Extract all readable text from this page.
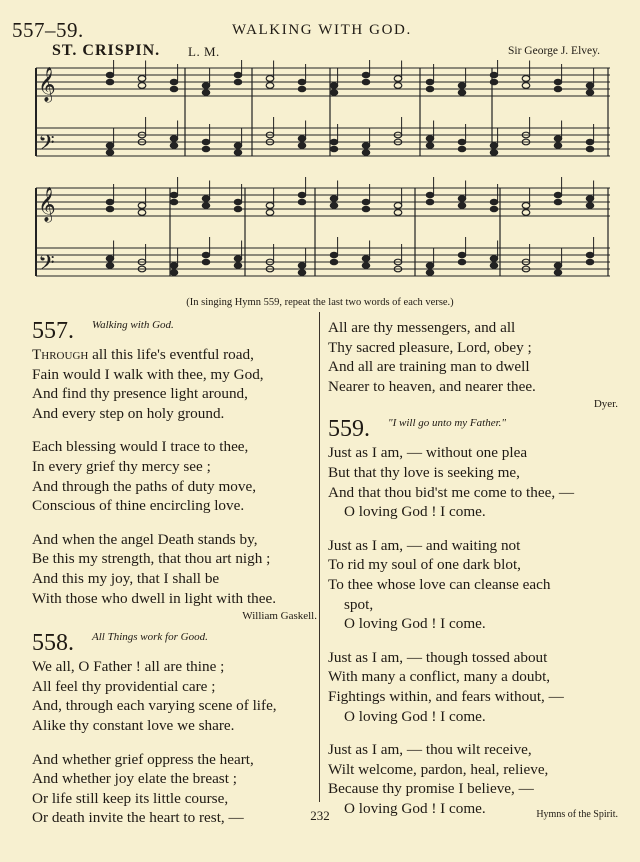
557–59.	WALKING WITH GOD.
ST. CRISPIN. L. M.	Sir George J. Elvey.
𝄞
𝄢
𝄞
𝄢
(In singing Hymn 559, repeat the last two words of each verse.)
557. $^{Walking with God.}$
Through all this life's eventful road,
Fain would I walk with thee, my God,
And find thy presence light around,
And every step on holy ground.
Each blessing would I trace to thee,
In every grief thy mercy see ;
And through the paths of duty move,
Conscious of thine encircling love.
And when the angel Death stands by,
Be this my strength, that thou art nigh ;
And this my joy, that I shall be
With those who dwell in light with thee.
William Gaskell.
558. $^{All Things work for Good.}$
We all, O Father ! all are thine ;
All feel thy providential care ;
And, through each varying scene of life,
Alike thy constant love we share.
And whether grief oppress the heart,
And whether joy elate the breast ;
Or life still keep its little course,
Or death invite the heart to rest, —
All are thy messengers, and all
Thy sacred pleasure, Lord, obey ;
And all are training man to dwell
Nearer to heaven, and nearer thee.
Dyer.
559. $^{"I will go unto my Father."}$
Just as I am, — without one plea
But that thy love is seeking me,
And that thou bid'st me come to thee, —
O loving God ! I come.
Just as I am, — and waiting not
To rid my soul of one dark blot,
To thee whose love can cleanse each
spot,
O loving God ! I come.
Just as I am, — though tossed about
With many a conflict, many a doubt,
Fightings within, and fears without, —
O loving God ! I come.
Just as I am, — thou wilt receive,
Wilt welcome, pardon, heal, relieve,
Because thy promise I believe, —
O loving God ! I come.
232	Hymns of the Spirit.
